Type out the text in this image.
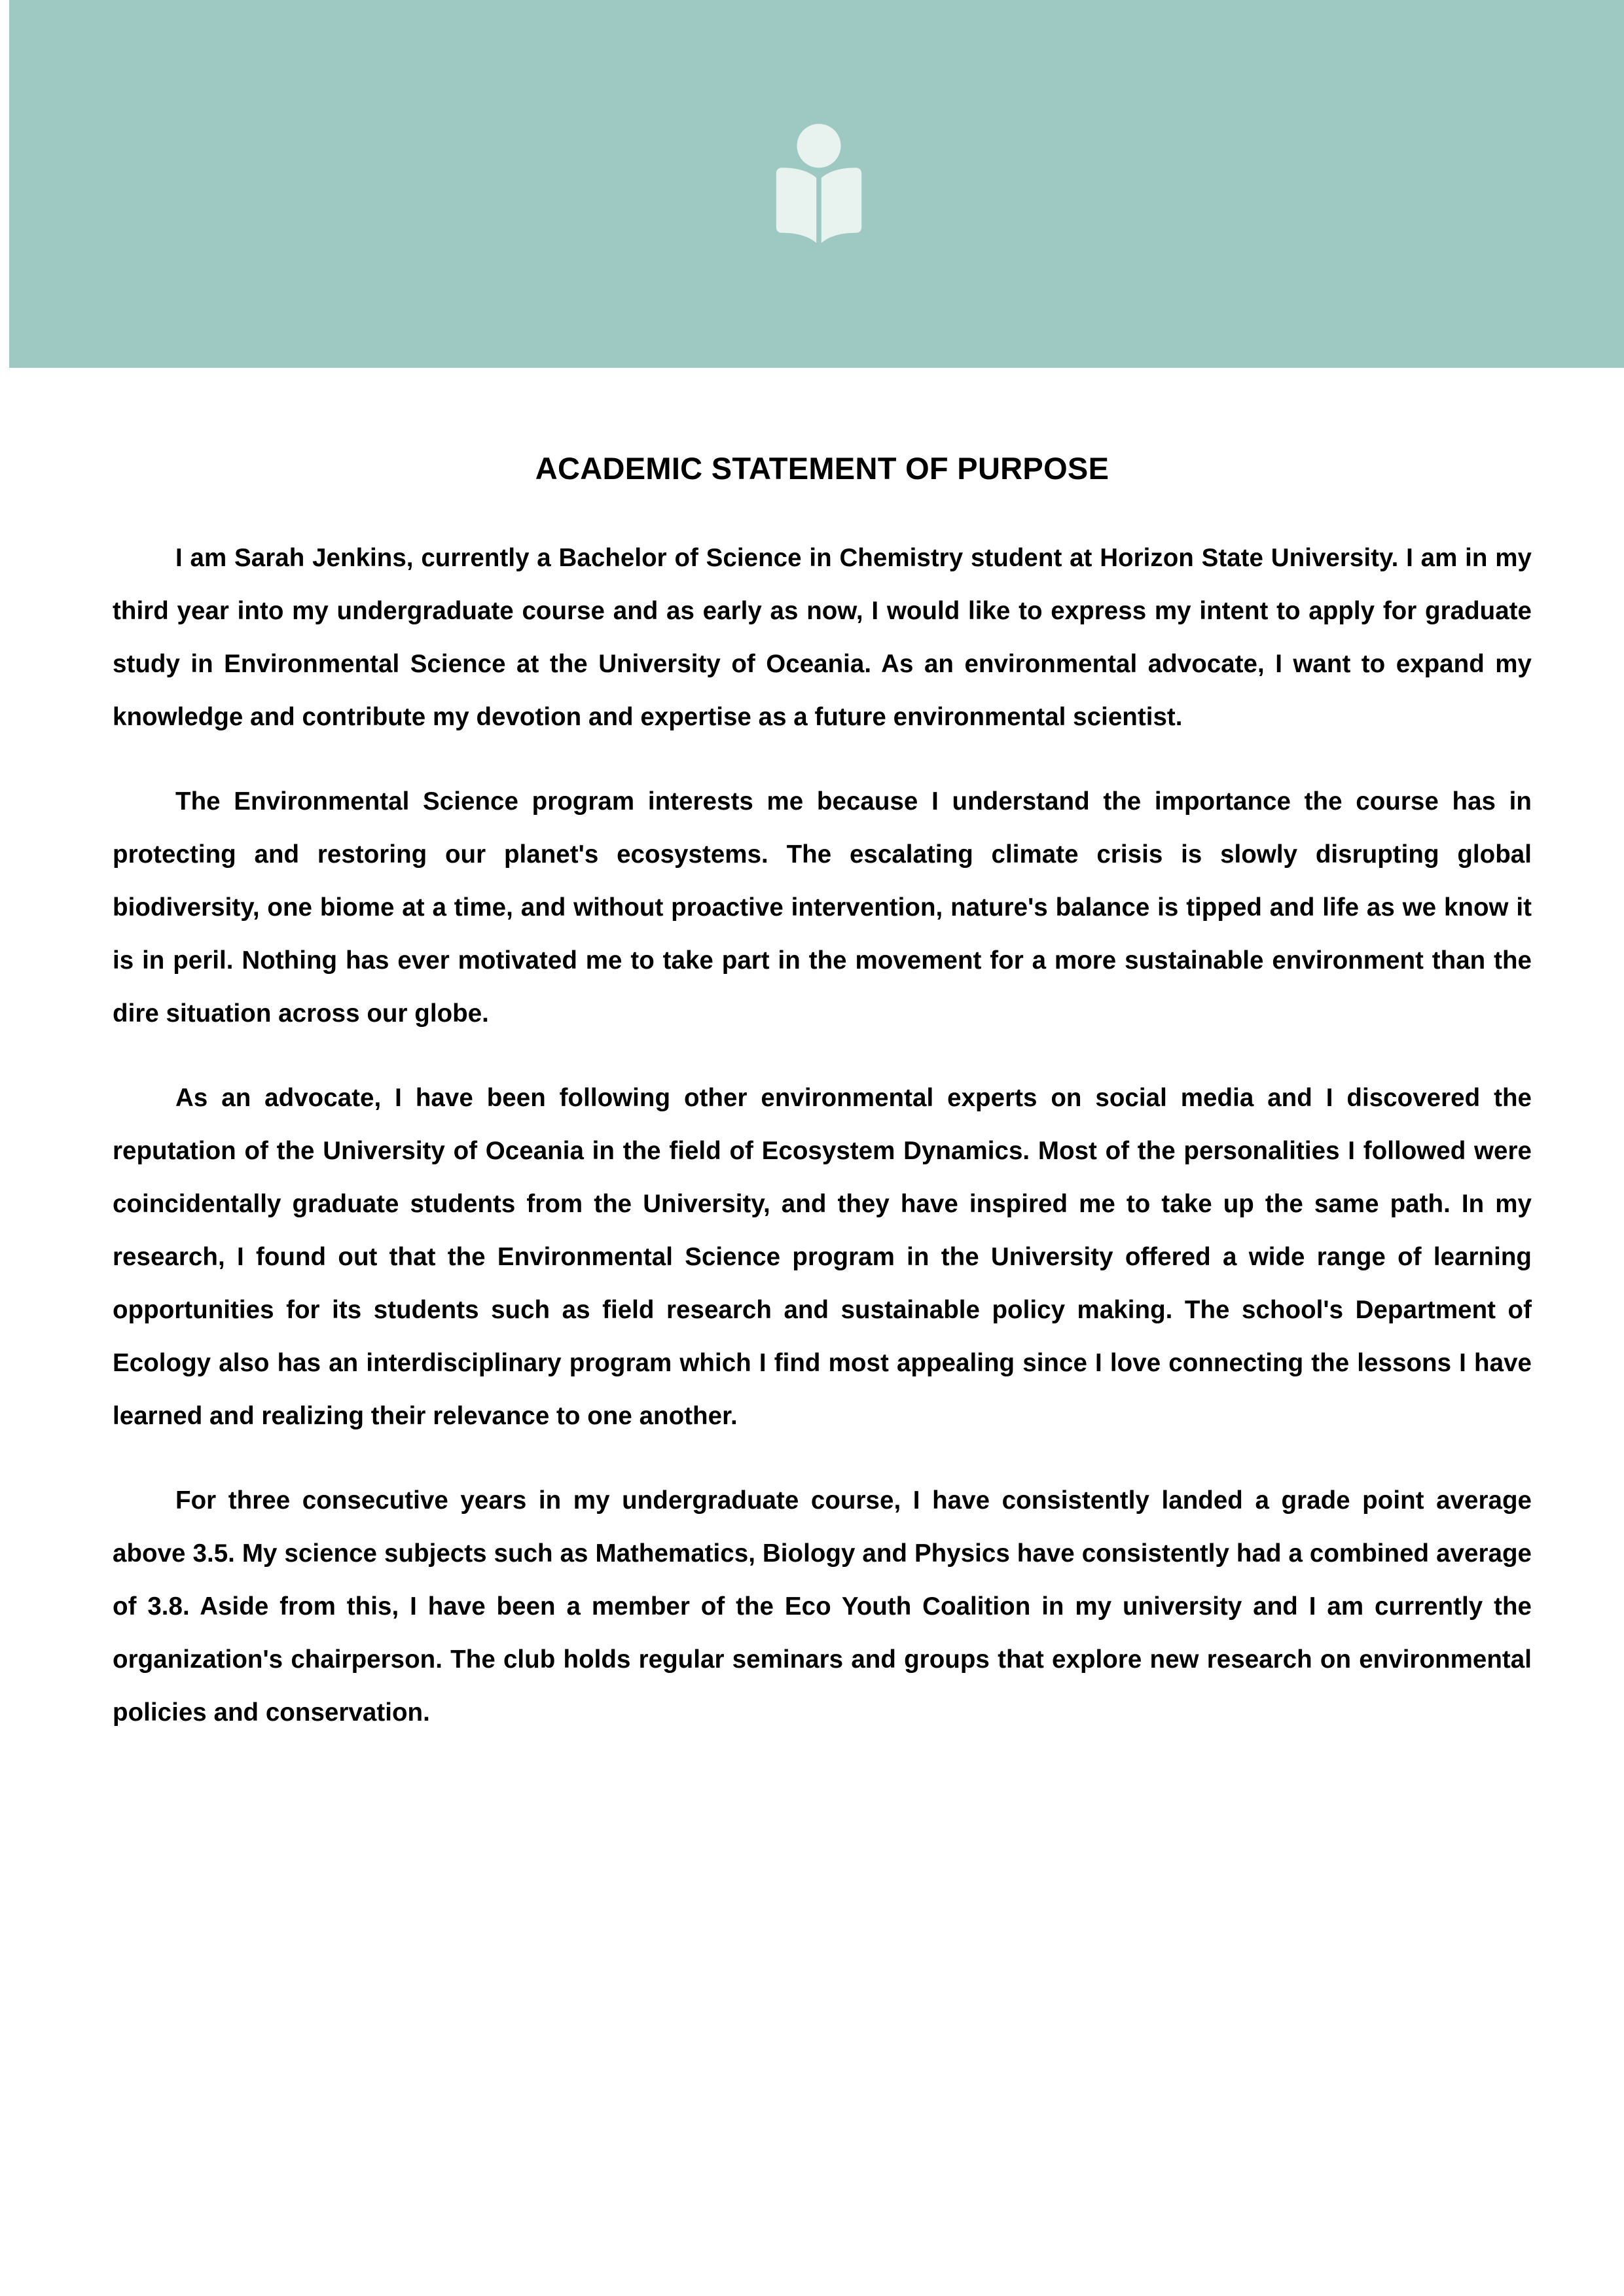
ACADEMIC STATEMENT OF PURPOSE

I am Sarah Jenkins, currently a Bachelor of Science in Chemistry student at Horizon State University. I am in my third year into my undergraduate course and as early as now, I would like to express my intent to apply for graduate study in Environmental Science at the University of Oceania. As an environmental advocate, I want to expand my knowledge and contribute my devotion and expertise as a future environmental scientist.

The Environmental Science program interests me because I understand the importance the course has in protecting and restoring our planet's ecosystems. The escalating climate crisis is slowly disrupting global biodiversity, one biome at a time, and without proactive intervention, nature's balance is tipped and life as we know it is in peril. Nothing has ever motivated me to take part in the movement for a more sustainable environment than the dire situation across our globe.

As an advocate, I have been following other environmental experts on social media and I discovered the reputation of the University of Oceania in the field of Ecosystem Dynamics. Most of the personalities I followed were coincidentally graduate students from the University, and they have inspired me to take up the same path. In my research, I found out that the Environmental Science program in the University offered a wide range of learning opportunities for its students such as field research and sustainable policy making. The school's Department of Ecology also has an interdisciplinary program which I find most appealing since I love connecting the lessons I have learned and realizing their relevance to one another.

For three consecutive years in my undergraduate course, I have consistently landed a grade point average above 3.5. My science subjects such as Mathematics, Biology and Physics have consistently had a combined average of 3.8. Aside from this, I have been a member of the Eco Youth Coalition in my university and I am currently the organization's chairperson. The club holds regular seminars and groups that explore new research on environmental policies and conservation.
